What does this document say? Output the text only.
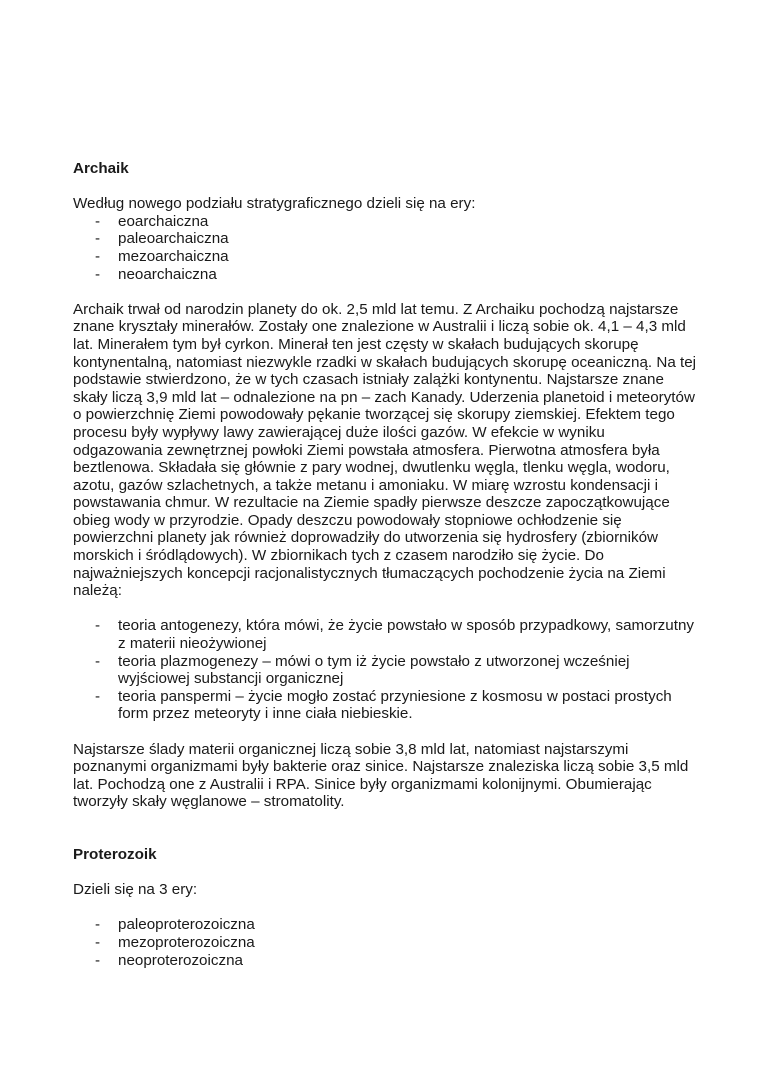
Archaik

Według nowego podziału stratygraficznego dzieli się na ery:

- eoarchaiczna
- paleoarchaiczna
- mezoarchaiczna
- neoarchaiczna

Archaik trwał od narodzin planety do ok. 2,5 mld lat temu. Z Archaiku pochodzą najstarsze znane kryształy minerałów. Zostały one znalezione w Australii i liczą sobie ok. 4,1 – 4,3 mld lat. Minerałem tym był cyrkon. Minerał ten jest częsty w skałach budujących skorupę kontynentalną, natomiast niezwykle rzadki w skałach budujących skorupę oceaniczną. Na tej podstawie stwierdzono, że w tych czasach istniały zalążki kontynentu. Najstarsze znane skały liczą 3,9 mld lat – odnalezione na pn – zach Kanady. Uderzenia planetoid i meteorytów o powierzchnię Ziemi powodowały pękanie tworzącej się skorupy ziemskiej. Efektem tego procesu były wypływy lawy zawierającej duże ilości gazów. W efekcie w wyniku odgazowania zewnętrznej powłoki Ziemi powstała atmosfera. Pierwotna atmosfera była beztlenowa. Składała się głównie z pary wodnej, dwutlenku węgla, tlenku węgla, wodoru, azotu, gazów szlachetnych, a także metanu i amoniaku. W miarę wzrostu kondensacji i powstawania chmur. W rezultacie na Ziemie spadły pierwsze deszcze zapoczątkowujące obieg wody w przyrodzie. Opady deszczu powodowały stopniowe ochłodzenie się powierzchni planety jak również doprowadziły do utworzenia się hydrosfery (zbiorników morskich i śródlądowych). W zbiornikach tych z czasem narodziło się życie. Do najważniejszych koncepcji racjonalistycznych tłumaczących pochodzenie życia na Ziemi należą:

- teoria antogenezy, która mówi, że życie powstało w sposób przypadkowy, samorzutny z materii nieożywionej
- teoria plazmogenezy – mówi o tym iż życie powstało z utworzonej wcześniej wyjściowej substancji organicznej
- teoria panspermi – życie mogło zostać przyniesione z kosmosu w postaci prostych form przez meteoryty i inne ciała niebieskie.

Najstarsze ślady materii organicznej liczą sobie 3,8 mld lat, natomiast najstarszymi poznanymi organizmami były bakterie oraz sinice. Najstarsze znaleziska liczą sobie 3,5 mld lat. Pochodzą one z Australii i RPA. Sinice były organizmami kolonijnymi. Obumierając tworzyły skały węglanowe – stromatolity.

Proterozoik

Dzieli się na 3 ery:

- paleoproterozoiczna
- mezoproterozoiczna
- neoproterozoiczna
